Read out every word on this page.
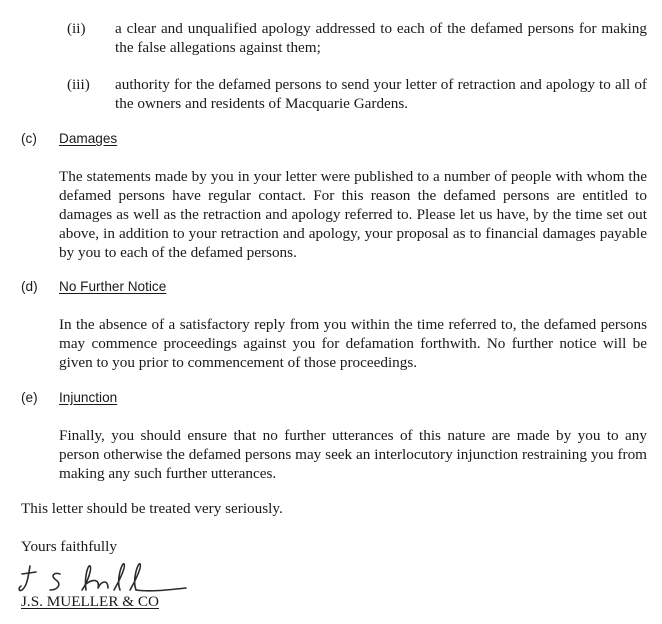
(ii) a clear and unqualified apology addressed to each of the defamed persons for making the false allegations against them;
(iii) authority for the defamed persons to send your letter of retraction and apology to all of the owners and residents of Macquarie Gardens.
(c) Damages
The statements made by you in your letter were published to a number of people with whom the defamed persons have regular contact. For this reason the defamed persons are entitled to damages as well as the retraction and apology referred to. Please let us have, by the time set out above, in addition to your retraction and apology, your proposal as to financial damages payable by you to each of the defamed persons.
(d) No Further Notice
In the absence of a satisfactory reply from you within the time referred to, the defamed persons may commence proceedings against you for defamation forthwith. No further notice will be given to you prior to commencement of those proceedings.
(e) Injunction
Finally, you should ensure that no further utterances of this nature are made by you to any person otherwise the defamed persons may seek an interlocutory injunction restraining you from making any such further utterances.
This letter should be treated very seriously.
Yours faithfully
J.S. MUELLER & CO
